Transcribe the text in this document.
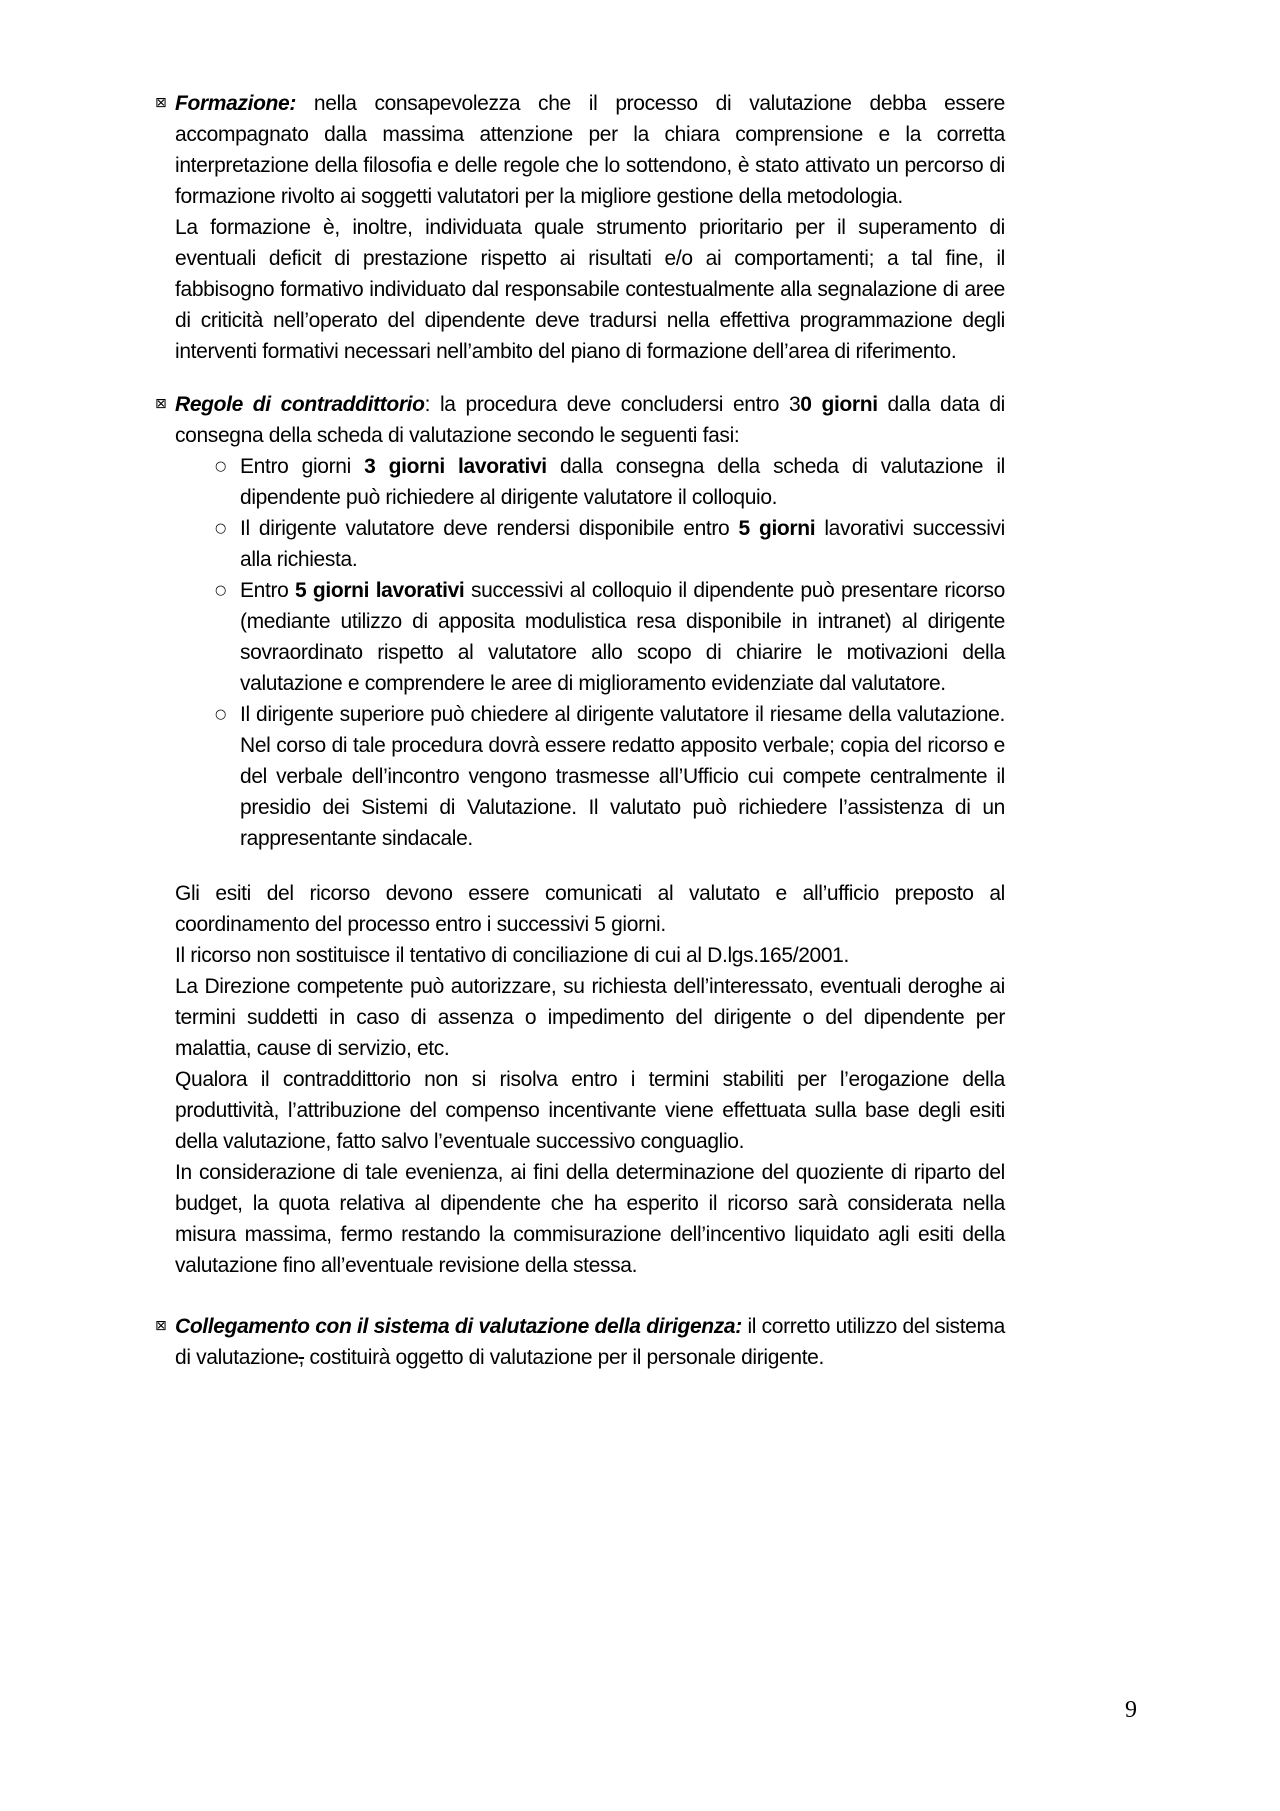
⊠ Formazione: nella consapevolezza che il processo di valutazione debba essere accompagnato dalla massima attenzione per la chiara comprensione e la corretta interpretazione della filosofia e delle regole che lo sottendono, è stato attivato un percorso di formazione rivolto ai soggetti valutatori per la migliore gestione della metodologia.

La formazione è, inoltre, individuata quale strumento prioritario per il superamento di eventuali deficit di prestazione rispetto ai risultati e/o ai comportamenti; a tal fine, il fabbisogno formativo individuato dal responsabile contestualmente alla segnalazione di aree di criticità nell’operato del dipendente deve tradursi nella effettiva programmazione degli interventi formativi necessari nell’ambito del piano di formazione dell’area di riferimento.

⊠ Regole di contraddittorio: la procedura deve concludersi entro 30 giorni dalla data di consegna della scheda di valutazione secondo le seguenti fasi:

○ Entro giorni 3 giorni lavorativi dalla consegna della scheda di valutazione il dipendente può richiedere al dirigente valutatore il colloquio.

○ Il dirigente valutatore deve rendersi disponibile entro 5 giorni lavorativi successivi alla richiesta.

○ Entro 5 giorni lavorativi successivi al colloquio il dipendente può presentare ricorso (mediante utilizzo di apposita modulistica resa disponibile in intranet) al dirigente sovraordinato rispetto al valutatore allo scopo di chiarire le motivazioni della valutazione e comprendere le aree di miglioramento evidenziate dal valutatore.

○ Il dirigente superiore può chiedere al dirigente valutatore il riesame della valutazione. Nel corso di tale procedura dovrà essere redatto apposito verbale; copia del ricorso e del verbale dell’incontro vengono trasmesse all’Ufficio cui compete centralmente il presidio dei Sistemi di Valutazione. Il valutato può richiedere l’assistenza di un rappresentante sindacale.

Gli esiti del ricorso devono essere comunicati al valutato e all’ufficio preposto al coordinamento del processo entro i successivi 5 giorni.

Il ricorso non sostituisce il tentativo di conciliazione di cui al D.lgs.165/2001.

La Direzione competente può autorizzare, su richiesta dell’interessato, eventuali deroghe ai termini suddetti in caso di assenza o impedimento del dirigente o del dipendente per malattia, cause di servizio, etc.

Qualora il contraddittorio non si risolva entro i termini stabiliti per l’erogazione della produttività, l’attribuzione del compenso incentivante viene effettuata sulla base degli esiti della valutazione, fatto salvo l’eventuale successivo conguaglio.

In considerazione di tale evenienza, ai fini della determinazione del quoziente di riparto del budget, la quota relativa al dipendente che ha esperito il ricorso sarà considerata nella misura massima, fermo restando la commisurazione dell’incentivo liquidato agli esiti della valutazione fino all’eventuale revisione della stessa.

⊠ Collegamento con il sistema di valutazione della dirigenza: il corretto utilizzo del sistema di valutazione, costituirà oggetto di valutazione per il personale dirigente.

9
